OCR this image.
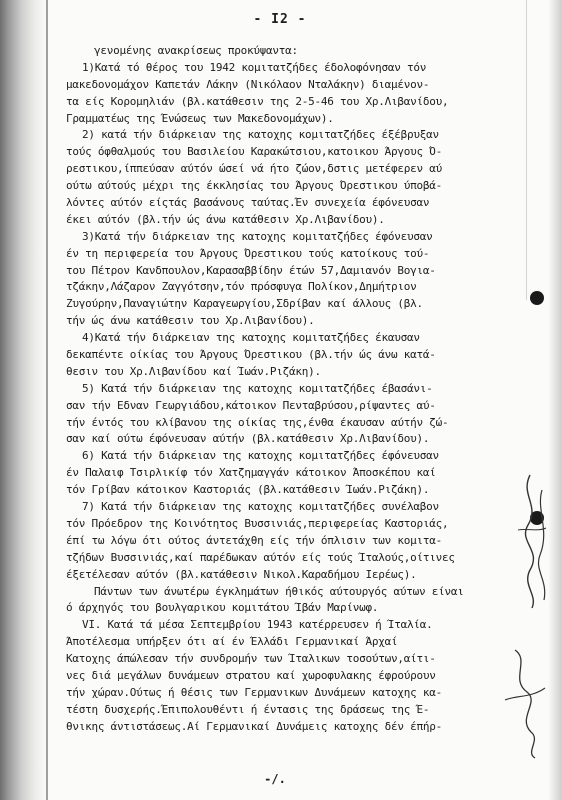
- I2 -
γενομένης ανακρίσεως προκύψαντα:
1)Κατά τό θέρος του 1942 κομιτατζήδες έδολοφόνησαν τόν
μακεδονομάχον Καπετάν Λάκην (Νικόλαον Νταλάκην) διαμένον-
τα είς Κορομηλιάν (βλ.κατάθεσιν της 2-5-46 του Χρ.Λιβανίδου,
Γραμματέως της Ένώσεως των Μακεδονομάχων).
2) κατά τήν διάρκειαν της κατοχης κομιτατζήδες έξέβρυξαν
τούς όφθαλμούς του Βασιλείου Καρακώτσιου,κατοικου Άργους Ό-
ρεστικου,ίππεύσαν αύτόν ώσεί νά ήτο ζώον,δστις μετέφερεν αύ
ούτω αύτούς μέχρι της έκκλησίας του Άργους Όρεστικου ύποβά-
λόντες αύτόν είςτάς βασάνους ταύτας.Έν συνεχεία έφόνευσαν
έκει αύτόν (βλ.τήν ώς άνω κατάθεσιν Χρ.Λιβανίδου).
3)Κατά τήν διάρκειαν της κατοχης κομιτατζήδες έφόνευσαν
έν τη περιφερεία του Άργους Όρεστικου τούς κατοίκους τού-
του Πέτρον Κανδπουλον,Καρασαββίδην έτών 57,Δαμιανόν Βογια-
τζάκην,Λάζαρον Ζαγγότσην,τόν πρόσφυγα Πολίκον,Δημήτριον
Ζυγούρην,Παναγιώτην Καραγεωργίου,Σδρίβαν καί άλλους (βλ.
τήν ώς άνω κατάθεσιν του Χρ.Λιβανίδου).
4)Κατά τήν διάρκειαν της κατοχης κομιτατζήδες έκαυσαν
δεκαπέντε οίκίας του Άργους Όρεστικου (βλ.τήν ώς άνω κατά-
θεσιν του Χρ.Λιβανίδου καί Ίωάν.Ριζάκη).
5) Κατά τήν διάρκειαν της κατοχης κομιτατζήδες έβασάνι-
σαν τήν Εδναν Γεωργιάδου,κάτοικον Πενταβρύσου,ρίψαντες αύ-
τήν έντός του κλίβανου της οίκίας της,ένθα έκαυσαν αύτήν ζώ-
σαν καί ούτω έφόνευσαν αύτήν (βλ.κατάθεσιν Χρ.Λιβανίδου).
6) Κατά τήν διάρκειαν της κατοχης κομιτατζήδες έφόνευσαν
έν Παλαιφ Τσιρλικίφ τόν Χατζημαγγάν κάτοικον Άποσκέπου καί
τόν Γρίβαν κάτοικον Καστοριάς (βλ.κατάθεσιν Ίωάν.Ριζάκη).
7) Κατά τήν διάρκειαν της κατοχης κομιτατζήδες συνέλαβον
τόν Πρόεδρον της Κοινότητος Βυσσινιάς,περιφερείας Καστοριάς,
έπί τω λόγω ότι ούτος άντετάχθη είς τήν όπλισιν των κομιτα-
τζήδων Βυσσινιάς,καί παρέδωκαν αύτόν είς τούς Ίταλούς,οίτινες
έξετέλεσαν αύτόν (βλ.κατάθεσιν Νικολ.Καραδήμου Ιερέως).
Πάντων των άνωτέρω έγκλημάτων ήθικός αύτουργός αύτων είναι
ό άρχηγός του βουλγαρικου κομιτάτου Ίβάν Μαρίνωφ.
VI. Κατά τά μέσα Σεπτεμβρίου 1943 κατέρρευσεν ή Ίταλία.
Άποτέλεσμα υπήρξεν ότι αί έν Έλλάδι Γερμανικαί Άρχαί
Κατοχης άπώλεσαν τήν συνδρομήν των Ίταλικων τοσούτων,αίτι-
νες διά μεγάλων δυνάμεων στρατου καί χωροφυλακης έφρούρουν
τήν χώραν.Ούτως ή θέσις των Γερμανικων Δυνάμεων κατοχης κα-
τέστη δυσχερής.Έπιπολουθέντι ή έντασις της δράσεως της Έ-
θνικης άντιστάσεως.Αί Γερμανικαί Δυνάμεις κατοχης δέν έπήρ-
-/.
